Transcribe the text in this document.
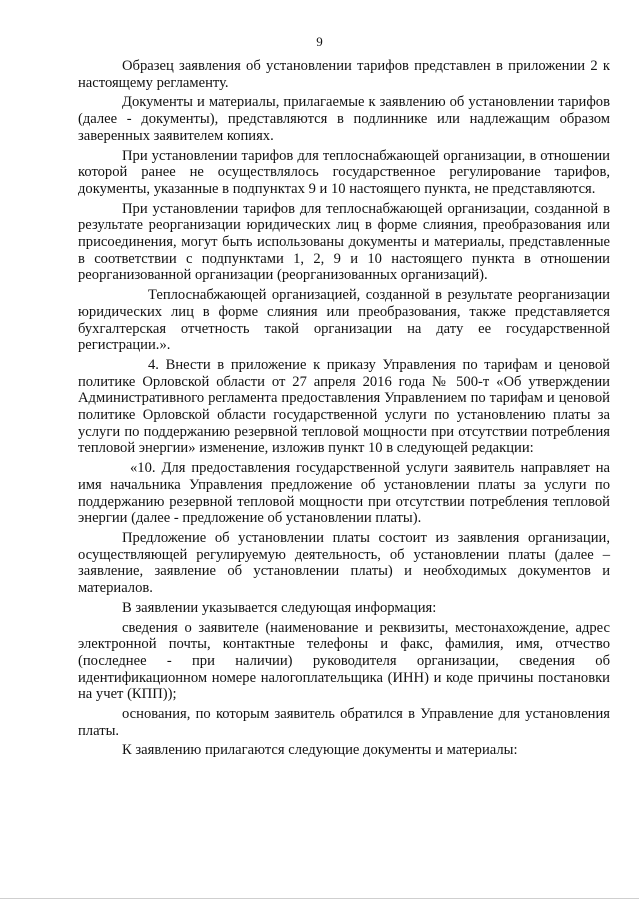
9

Образец заявления об установлении тарифов представлен в приложении 2 к настоящему регламенту.

Документы и материалы, прилагаемые к заявлению об установлении тарифов (далее - документы), представляются в подлиннике или надлежащим образом заверенных заявителем копиях.

При установлении тарифов для теплоснабжающей организации, в отношении которой ранее не осуществлялось государственное регулирование тарифов, документы, указанные в подпунктах 9 и 10 настоящего пункта, не представляются.

При установлении тарифов для теплоснабжающей организации, созданной в результате реорганизации юридических лиц в форме слияния, преобразования или присоединения, могут быть использованы документы и материалы, представленные в соответствии с подпунктами 1, 2, 9 и 10 настоящего пункта в отношении реорганизованной организации (реорганизованных организаций).

Теплоснабжающей организацией, созданной в результате реорганизации юридических лиц в форме слияния или преобразования, также представляется бухгалтерская отчетность такой организации на дату ее государственной регистрации.».

4. Внести в приложение к приказу Управления по тарифам и ценовой политике Орловской области от 27 апреля 2016 года № 500-т «Об утверждении Административного регламента предоставления Управлением по тарифам и ценовой политике Орловской области государственной услуги по установлению платы за услуги по поддержанию резервной тепловой мощности при отсутствии потребления тепловой энергии» изменение, изложив пункт 10 в следующей редакции:

«10. Для предоставления государственной услуги заявитель направляет на имя начальника Управления предложение об установлении платы за услуги по поддержанию резервной тепловой мощности при отсутствии потребления тепловой энергии (далее - предложение об установлении платы).

Предложение об установлении платы состоит из заявления организации, осуществляющей регулируемую деятельность, об установлении платы (далее – заявление, заявление об установлении платы) и необходимых документов и материалов.

В заявлении указывается следующая информация:

сведения о заявителе (наименование и реквизиты, местонахождение, адрес электронной почты, контактные телефоны и факс, фамилия, имя, отчество (последнее - при наличии) руководителя организации, сведения об идентификационном номере налогоплательщика (ИНН) и коде причины постановки на учет (КПП));

основания, по которым заявитель обратился в Управление для установления платы.

К заявлению прилагаются следующие документы и материалы:
